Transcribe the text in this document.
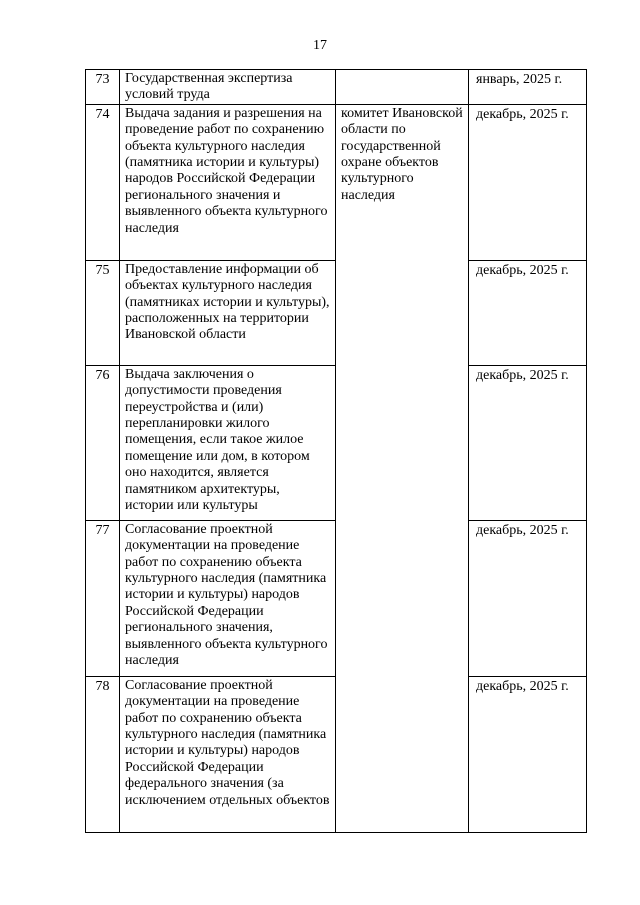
17
73	Государственная экспертиза условий труда		январь, 2025 г.
74	Выдача задания и разрешения на проведение работ по сохранению объекта культурного наследия (памятника истории и культуры) народов Российской Федерации регионального значения и выявленного объекта культурного наследия	комитет Ивановской области по государственной охране объектов культурного наследия	декабрь, 2025 г.
75	Предоставление информации об объектах культурного наследия (памятниках истории и культуры), расположенных на территории Ивановской области		декабрь, 2025 г.
76	Выдача заключения о допустимости проведения переустройства и (или) перепланировки жилого помещения, если такое жилое помещение или дом, в котором оно находится, является памятником архитектуры, истории или культуры		декабрь, 2025 г.
77	Согласование проектной документации на проведение работ по сохранению объекта культурного наследия (памятника истории и культуры) народов Российской Федерации регионального значения, выявленного объекта культурного наследия		декабрь, 2025 г.
78	Согласование проектной документации на проведение работ по сохранению объекта культурного наследия (памятника истории и культуры) народов Российской Федерации федерального значения (за исключением отдельных объектов		декабрь, 2025 г.
